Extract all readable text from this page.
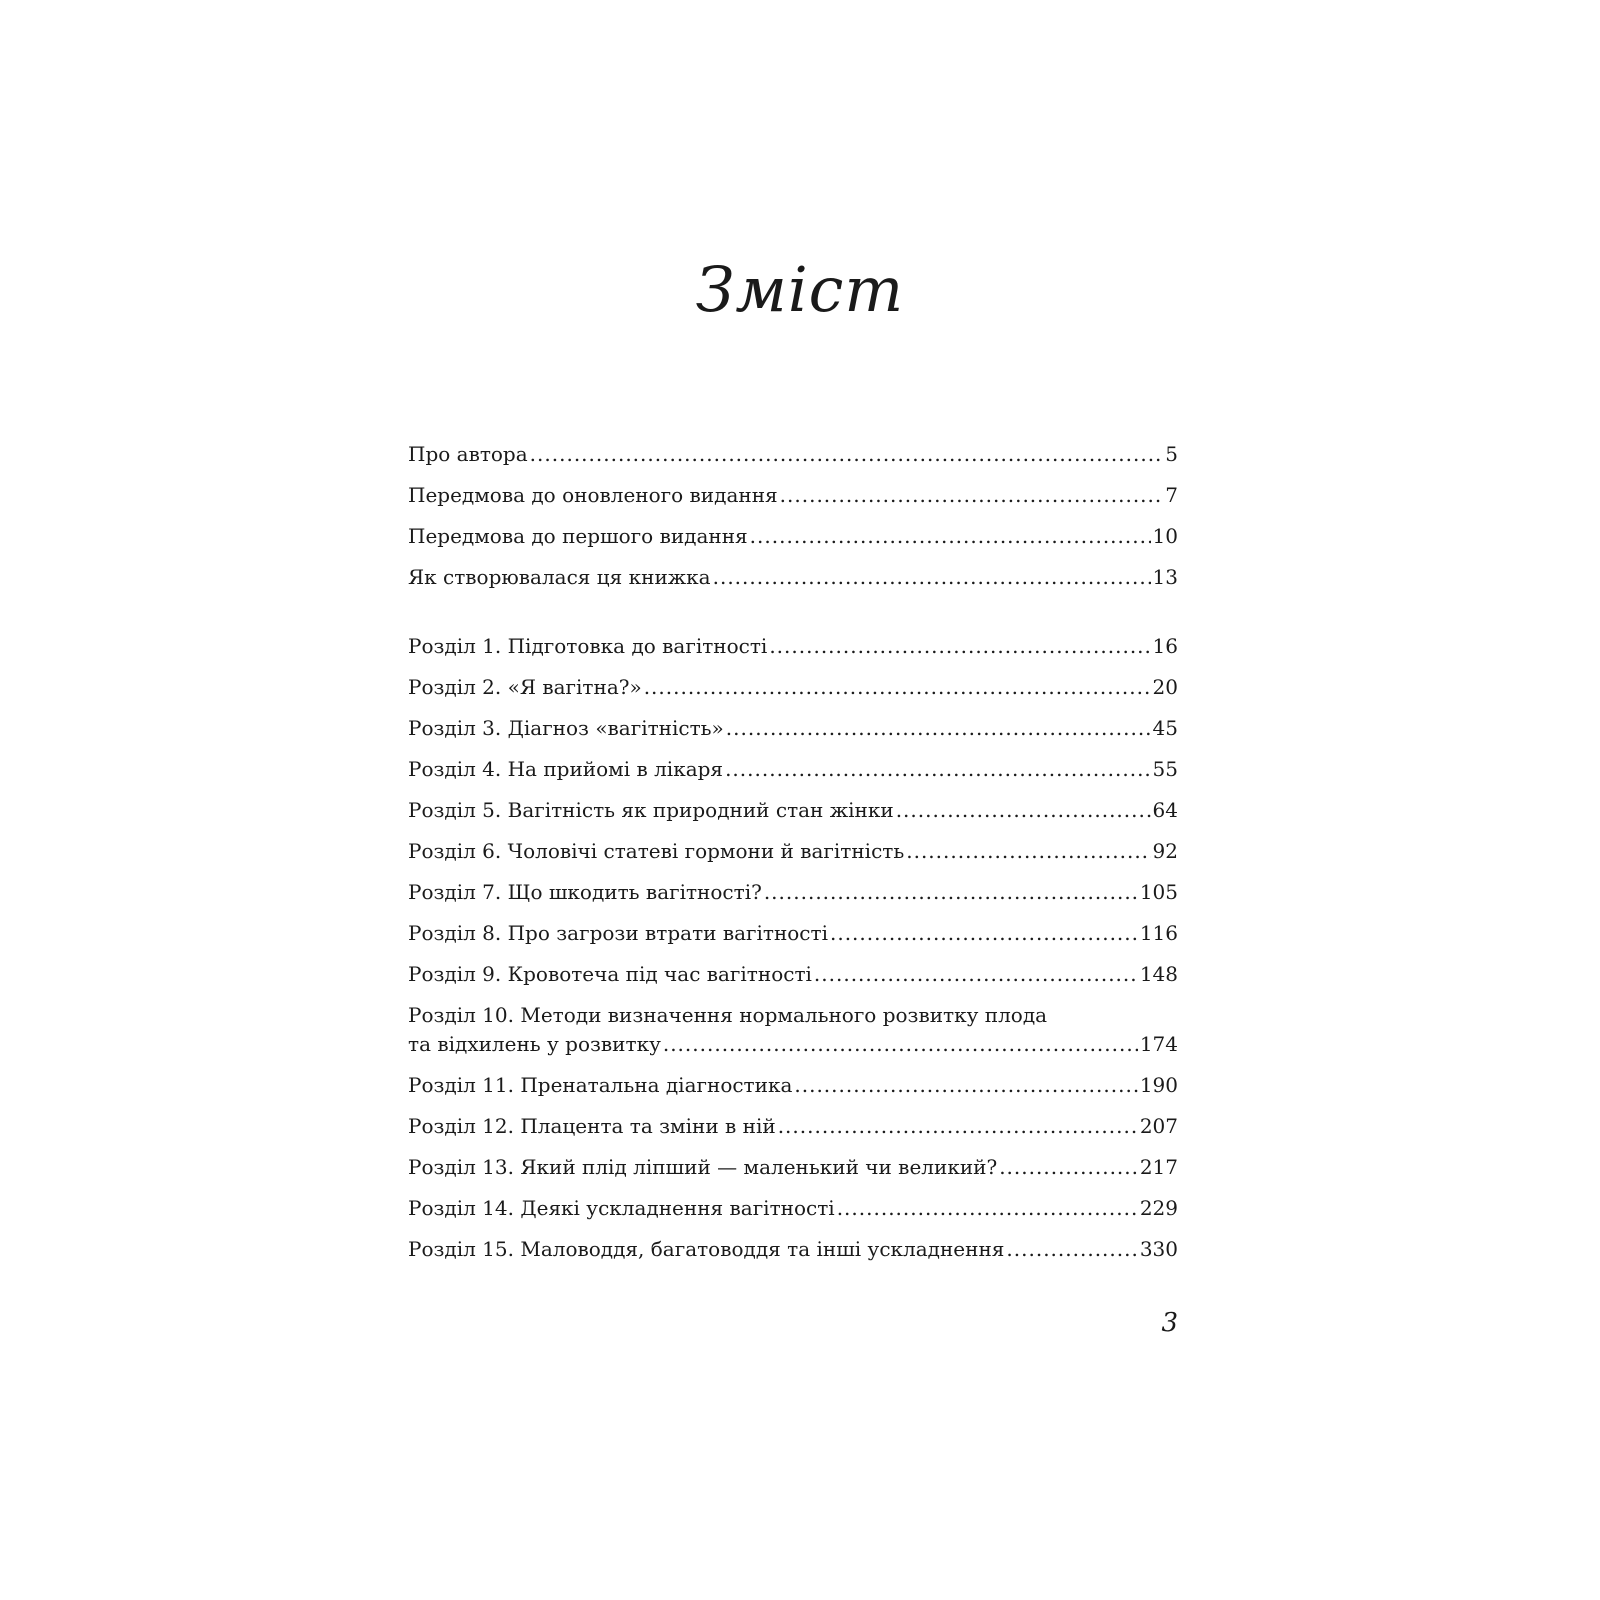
Зміст
Про автора .....	5
Передмова до оновленого видання .....	7
Передмова до першого видання .....	10
Як створювалася ця книжка .....	13
Розділ 1. Підготовка до вагітності .....	16
Розділ 2. «Я вагітна?» .....	20
Розділ 3. Діагноз «вагітність» .....	45
Розділ 4. На прийомі в лікаря .....	55
Розділ 5. Вагітність як природний стан жінки .....	64
Розділ 6. Чоловічі статеві гормони й вагітність .....	92
Розділ 7. Що шкодить вагітності? .....	105
Розділ 8. Про загрози втрати вагітності .....	116
Розділ 9. Кровотеча під час вагітності .....	148
Розділ 10. Методи визначення нормального розвитку плода
та відхилень у розвитку .....	174
Розділ 11. Пренатальна діагностика .....	190
Розділ 12. Плацента та зміни в ній .....	207
Розділ 13. Який плід ліпший — маленький чи великий? .....	217
Розділ 14. Деякі ускладнення вагітності .....	229
Розділ 15. Маловоддя, багатоводдя та інші ускладнення .....	330
3
